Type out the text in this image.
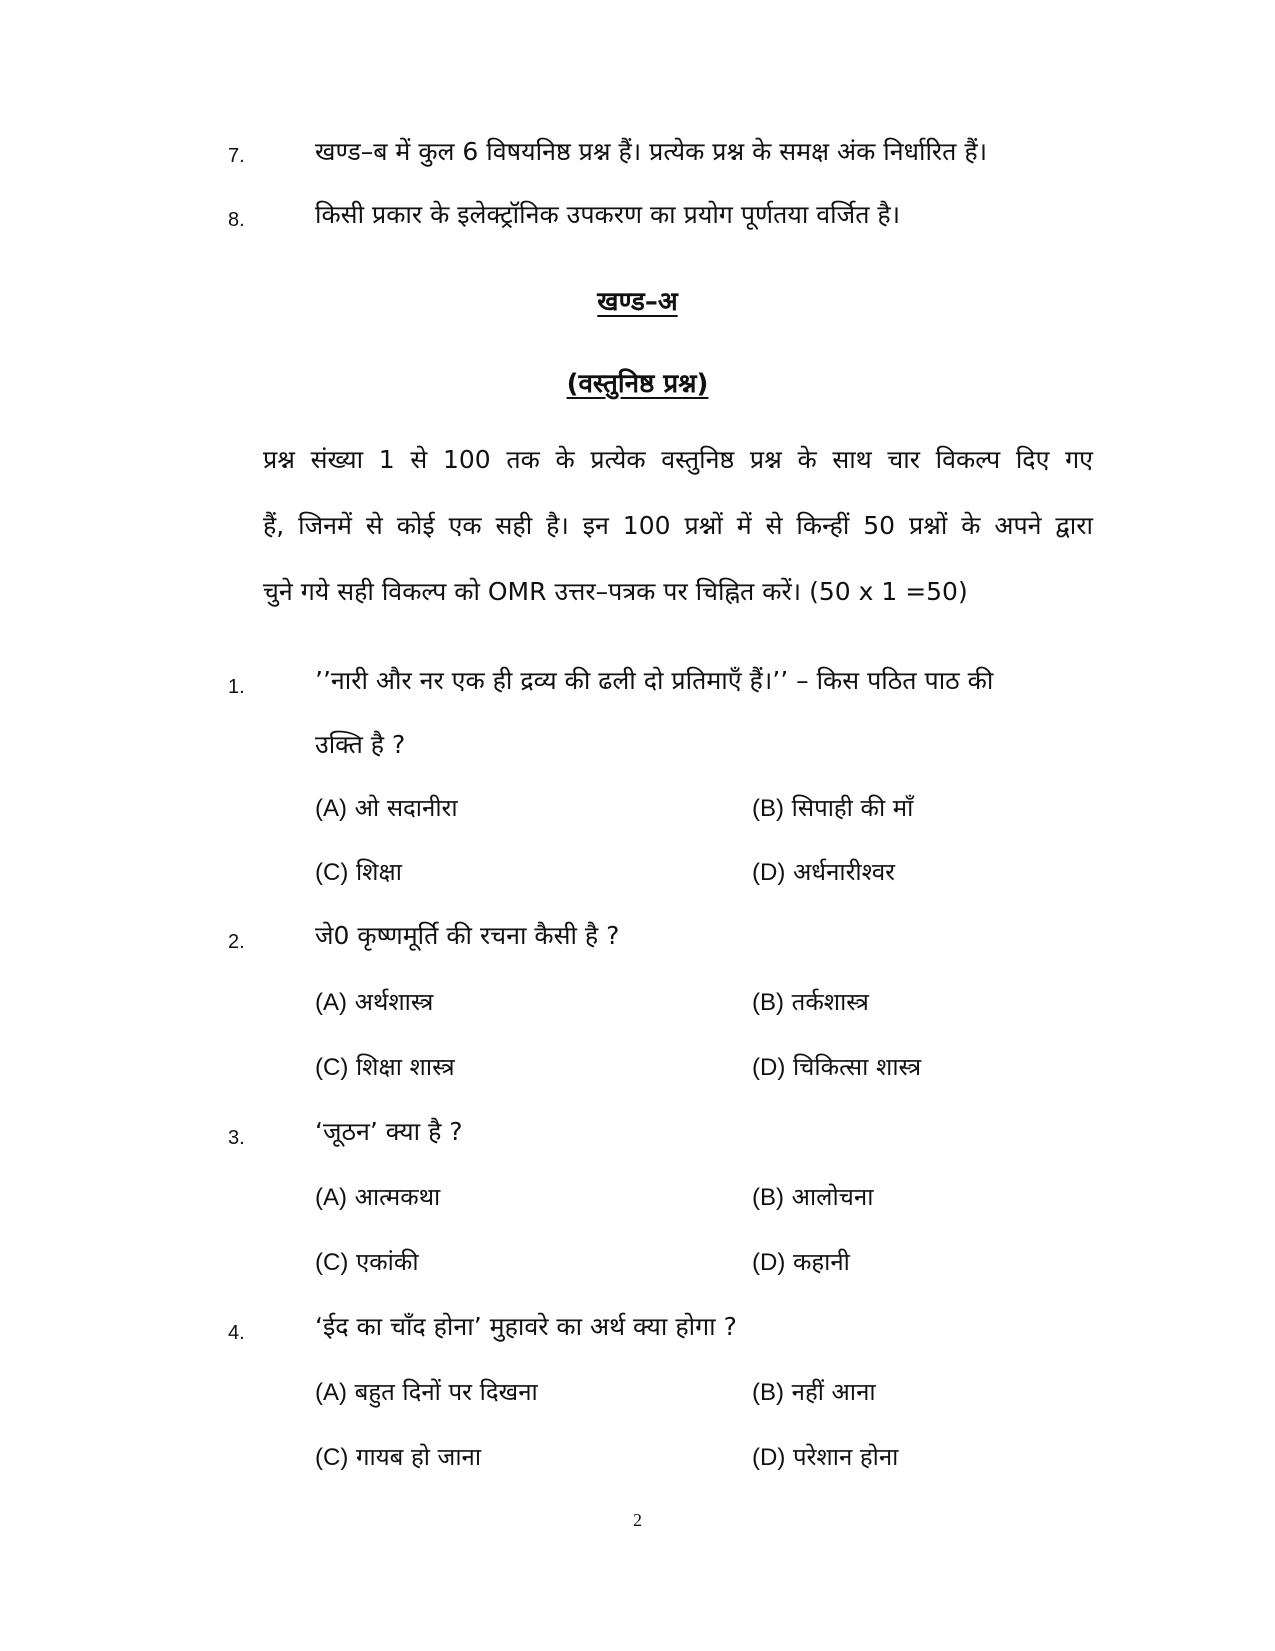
7.	खण्ड–ब में कुल 6 विषयनिष्ठ प्रश्न हैं। प्रत्येक प्रश्न के समक्ष अंक निर्धारित हैं।
8.	किसी प्रकार के इलेक्ट्रॉनिक उपकरण का प्रयोग पूर्णतया वर्जित है।
खण्ड–अ
(वस्तुनिष्ठ प्रश्न)
प्रश्न संख्या 1 से 100 तक के प्रत्येक वस्तुनिष्ठ प्रश्न के साथ चार विकल्प दिए गए
हैं, जिनमें से कोई एक सही है। इन 100 प्रश्नों में से किन्हीं 50 प्रश्नों के अपने द्वारा
चुने गये सही विकल्प को OMR उत्तर–पत्रक पर चिह्नित करें। (50 x 1 =50)
1.	’’नारी और नर एक ही द्रव्य की ढली दो प्रतिमाएँ हैं।’’ – किस पठित पाठ की
उक्ति है ?
(A) ओ सदानीरा	(B) सिपाही की माँ
(C) शिक्षा	(D) अर्धनारीश्वर
2.	जे0 कृष्णमूर्ति की रचना कैसी है ?
(A) अर्थशास्त्र	(B) तर्कशास्त्र
(C) शिक्षा शास्त्र	(D) चिकित्सा शास्त्र
3.	‘जूठन’ क्या है ?
(A) आत्मकथा	(B) आलोचना
(C) एकांकी	(D) कहानी
4.	‘ईद का चाँद होना’ मुहावरे का अर्थ क्या होगा ?
(A) बहुत दिनों पर दिखना	(B) नहीं आना
(C) गायब हो जाना	(D) परेशान होना
2
